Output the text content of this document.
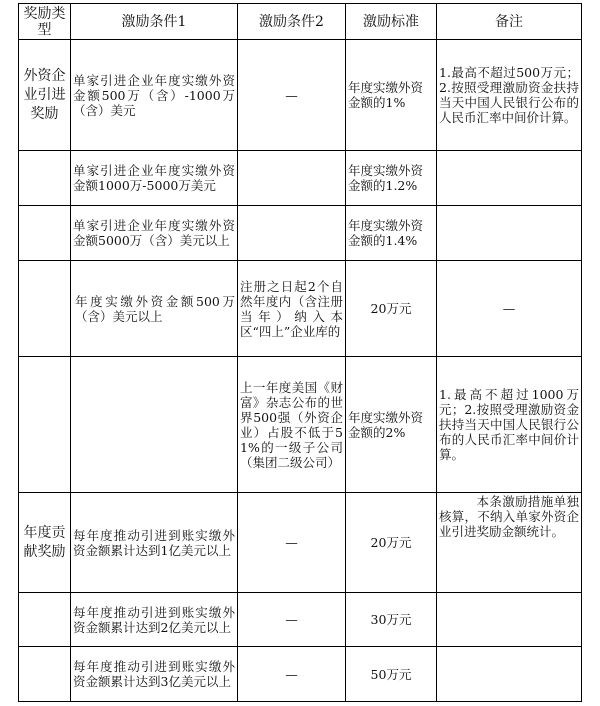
奖励类型	激励条件1	激励条件2	激励标准	备注
外资企业引进奖励	单家引进企业年度实缴外资金额500万（含）-1000万（含）美元	—	年度实缴外资金额的1%	1.最高不超过500万元；2.按照受理激励资金扶持当天中国人民银行公布的人民币汇率中间价计算。
	单家引进企业年度实缴外资金额1000万-5000万美元		年度实缴外资金额的1.2%	
	单家引进企业年度实缴外资金额5000万（含）美元以上		年度实缴外资金额的1.4%	
	年度实缴外资金额500万（含）美元以上	注册之日起2个自然年度内（含注册当年）纳入本区“四上”企业库的	20万元	—
		上一年度美国《财富》杂志公布的世界500强（外资企业）占股不低于51%的一级子公司（集团二级公司）	年度实缴外资金额的2%	1.最高不超过1000万元；2.按照受理激励资金扶持当天中国人民银行公布的人民币汇率中间价计算。
年度贡献奖励	每年度推动引进到账实缴外资金额累计达到1亿美元以上	—	20万元	本条激励措施单独核算，不纳入单家外资企业引进奖励金额统计。
	每年度推动引进到账实缴外资金额累计达到2亿美元以上	—	30万元	
	每年度推动引进到账实缴外资金额累计达到3亿美元以上	—	50万元	
